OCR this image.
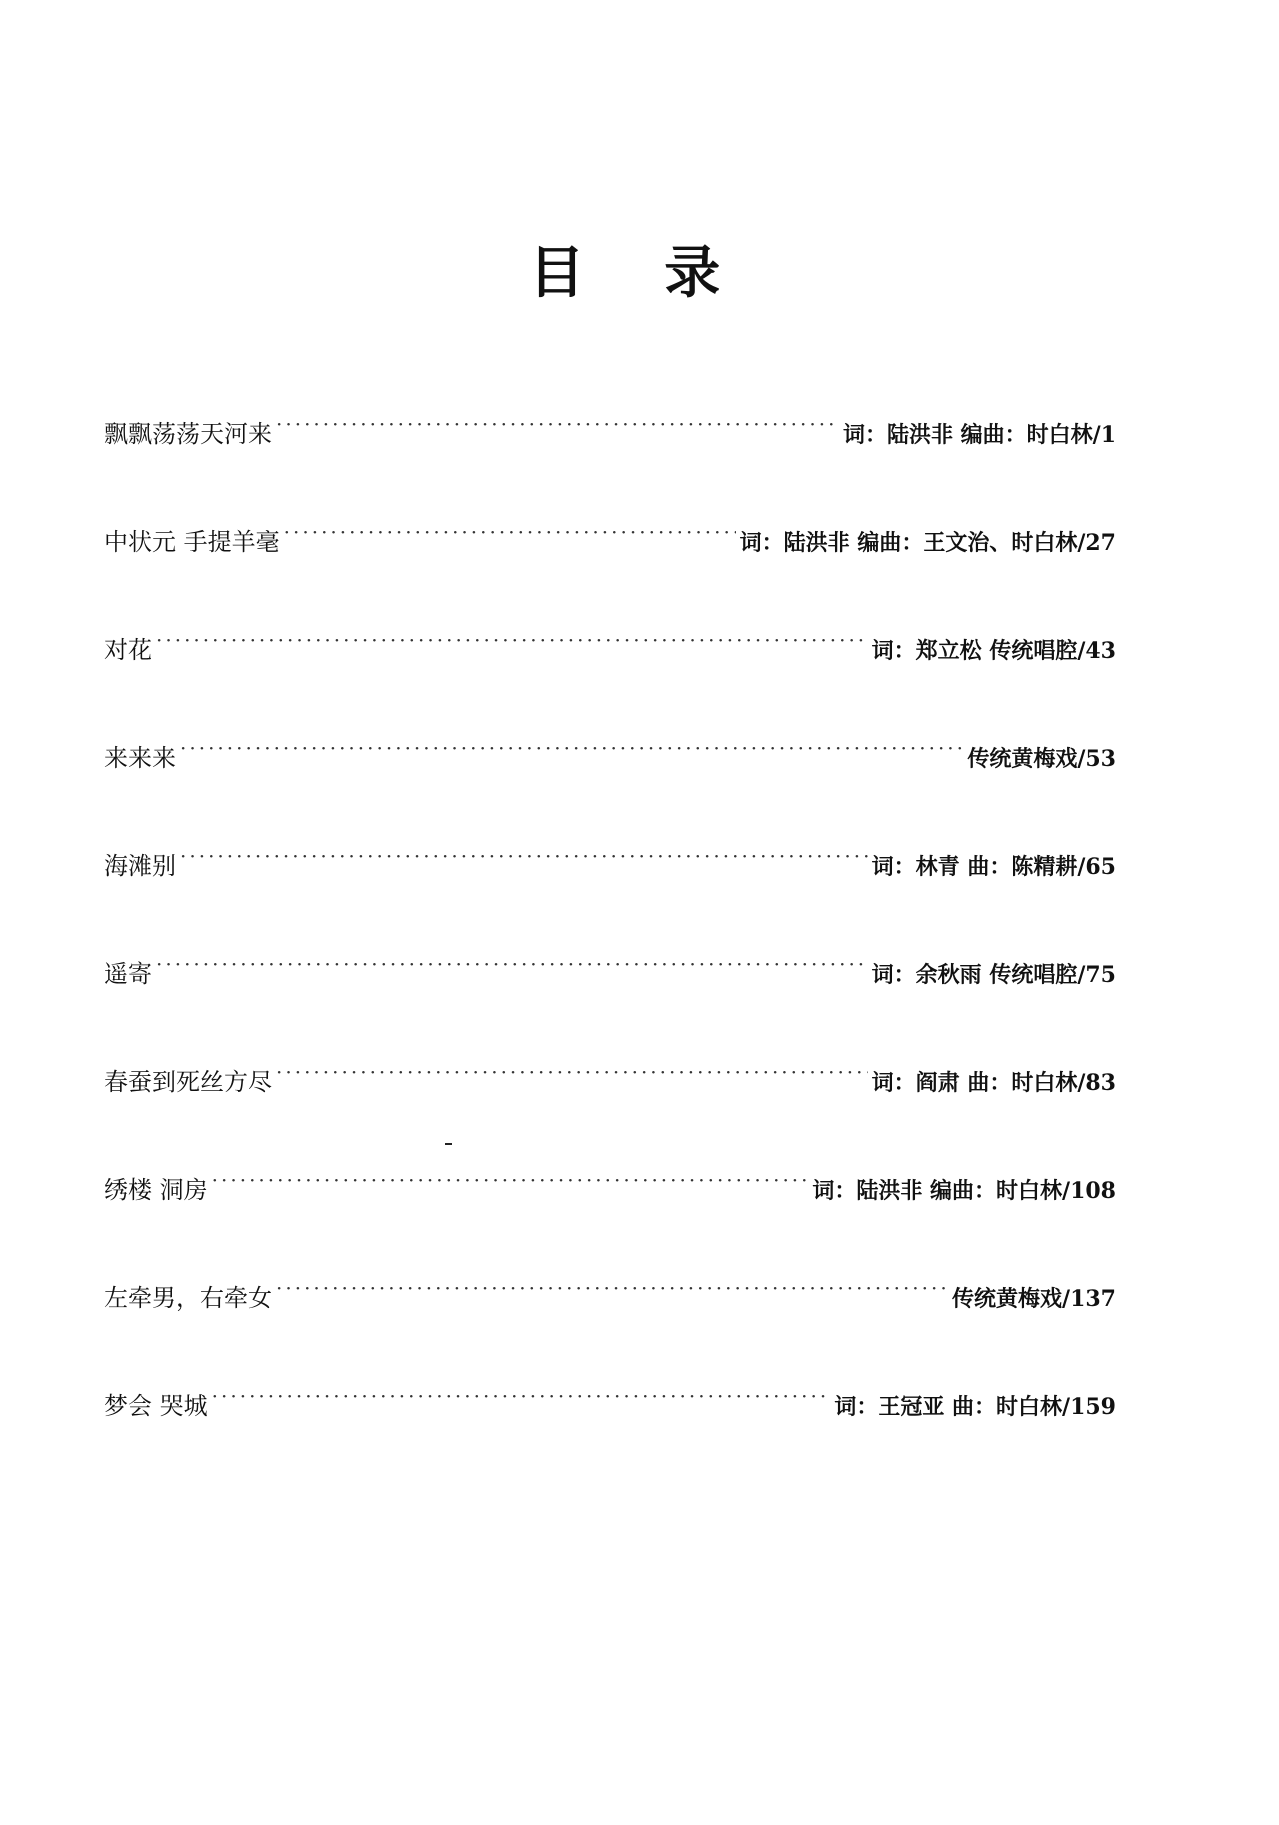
目 录
飘飘荡荡天河来 ·····	词：陆洪非 编曲：时白林 /1
中状元 手提羊毫 ·····	词：陆洪非 编曲：王文治、时白林 /27
对花 ·····	词：郑立松 传统唱腔 /43
来来来 ·····	传统黄梅戏 /53
海滩别 ·····	词：林青 曲：陈精耕 /65
遥寄 ·····	词：余秋雨 传统唱腔 /75
春蚕到死丝方尽 ·····	词：阎肃 曲：时白林 /83
绣楼 洞房 ·····	词：陆洪非 编曲：时白林 /108
左牵男，右牵女 ·····	传统黄梅戏 /137
梦会 哭城 ·····	词：王冠亚 曲：时白林 /159
